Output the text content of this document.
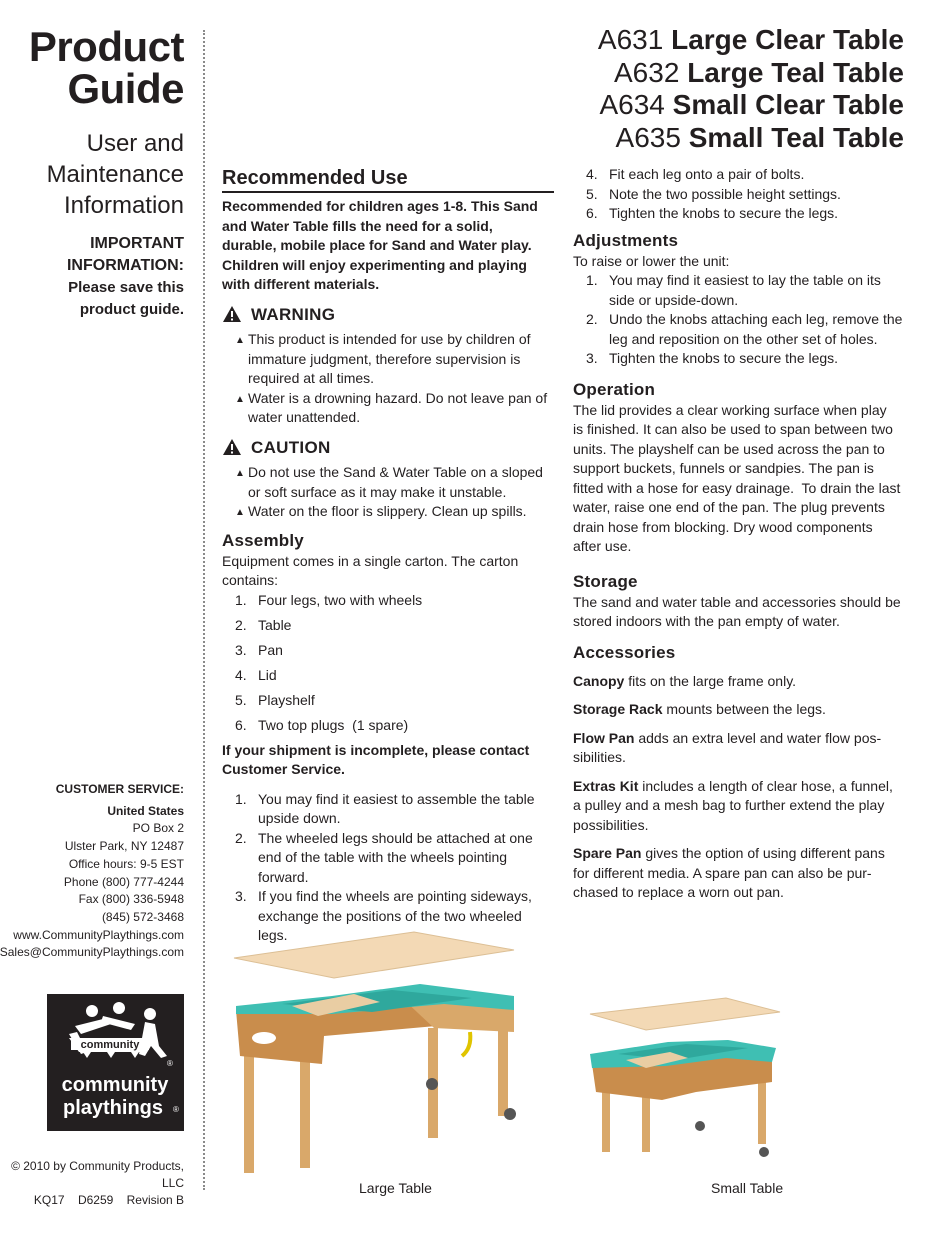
Product
Guide
User and
Maintenance
Information
IMPORTANT
INFORMATION:
Please save this
product guide.
CUSTOMER SERVICE:
United States
PO Box 2
Ulster Park, NY 12487
Office hours: 9-5 EST
Phone (800) 777-4244
Fax (800) 336-5948
(845) 572-3468
www.CommunityPlaythings.com
Sales@CommunityPlaythings.com
community
®
community
playthings ®
© 2010 by Community Products, LLC
KQ17    D6259    Revision B
A631 Large Clear Table
A632 Large Teal Table
A634 Small Clear Table
A635 Small Teal Table
Recommended Use
Recommended for children ages 1-8. This Sand
and Water Table fills the need for a solid,
durable, mobile place for Sand and Water play.
Children will enjoy experimenting and playing
with different materials.
WARNING
▲ This product is intended for use by children of
immature judgment, therefore supervision is
required at all times.
▲ Water is a drowning hazard. Do not leave pan of
water unattended.
CAUTION
▲ Do not use the Sand & Water Table on a sloped
or soft surface as it may make it unstable.
▲ Water on the floor is slippery. Clean up spills.
Assembly
Equipment comes in a single carton. The carton
contains:
1. Four legs, two with wheels
2. Table
3. Pan
4. Lid
5. Playshelf
6. Two top plugs  (1 spare)
If your shipment is incomplete, please contact
Customer Service.
1. You may find it easiest to assemble the table
upside down.
2. The wheeled legs should be attached at one
end of the table with the wheels pointing
forward.
3. If you find the wheels are pointing sideways,
exchange the positions of the two wheeled legs.
4. Fit each leg onto a pair of bolts.
5. Note the two possible height settings.
6. Tighten the knobs to secure the legs.
Adjustments
To raise or lower the unit:
1. You may find it easiest to lay the table on its
side or upside-down.
2. Undo the knobs attaching each leg, remove the
leg and reposition on the other set of holes.
3. Tighten the knobs to secure the legs.
Operation
The lid provides a clear working surface when play
is finished. It can also be used to span between two
units. The playshelf can be used across the pan to
support buckets, funnels or sandpies. The pan is
fitted with a hose for easy drainage.  To drain the last
water, raise one end of the pan. The plug prevents
drain hose from blocking. Dry wood components
after use.
Storage
The sand and water table and accessories should be
stored indoors with the pan empty of water.
Accessories
Canopy fits on the large frame only.
Storage Rack mounts between the legs.
Flow Pan adds an extra level and water flow pos-
sibilities.
Extras Kit includes a length of clear hose, a funnel,
a pulley and a mesh bag to further extend the play
possibilities.
Spare Pan gives the option of using different pans
for different media. A spare pan can also be pur-
chased to replace a worn out pan.
Large Table	Small Table
